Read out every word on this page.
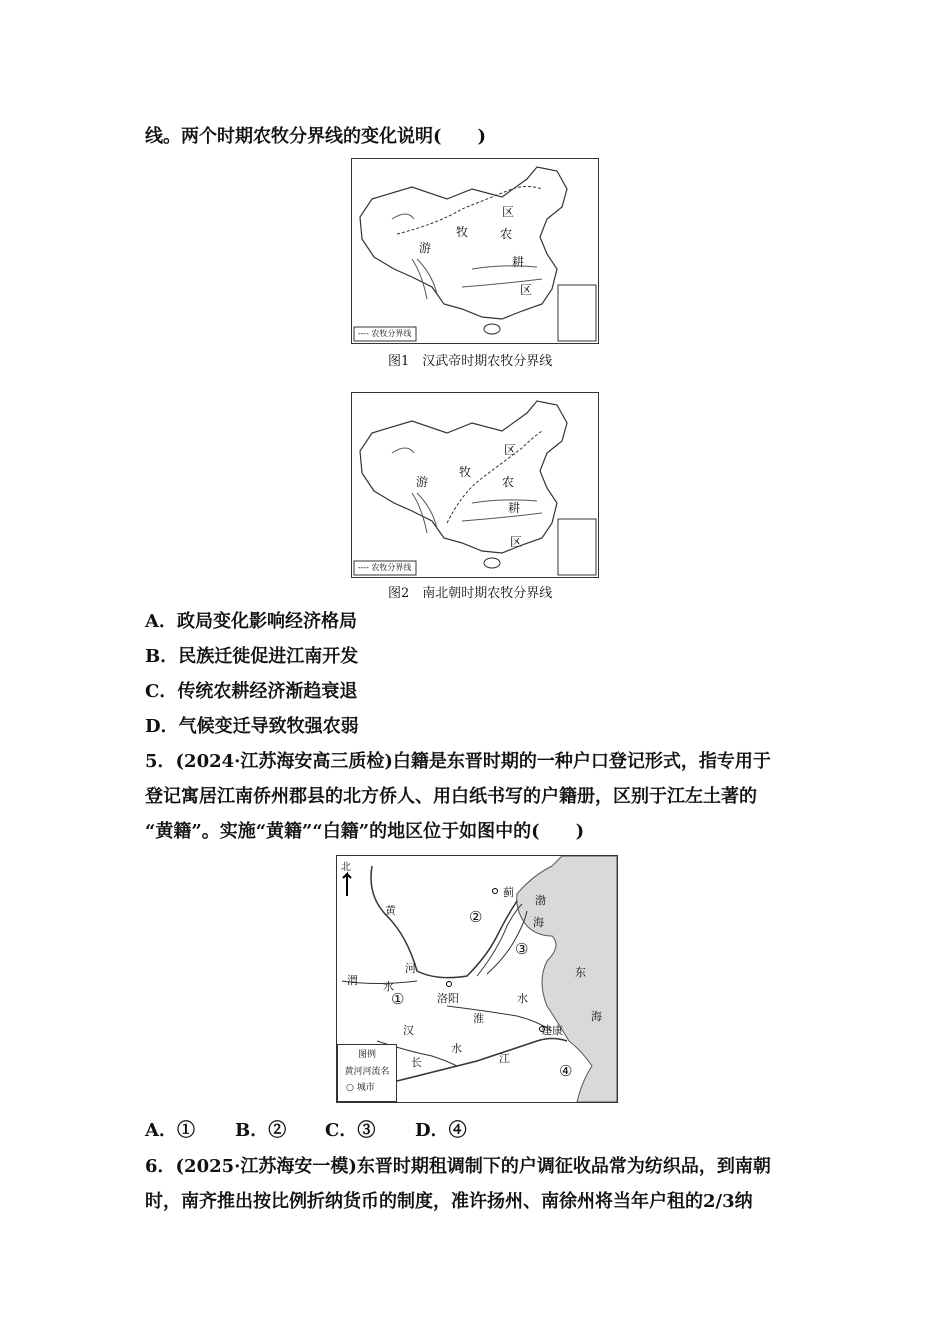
线。两个时期农牧分界线的变化说明(　　)
区
牧	农
游
耕
区
---- 农牧分界线
图1　汉武帝时期农牧分界线
区
牧
农
游
耕
区
---- 农牧分界线
图2　南北朝时期农牧分界线
A．政局变化影响经济格局
B．民族迁徙促进江南开发
C．传统农耕经济渐趋衰退
D．气候变迁导致牧强农弱
5．(2024·江苏海安高三质检)白籍是东晋时期的一种户口登记形式，指专用于
登记寓居江南侨州郡县的北方侨人、用白纸书写的户籍册，区别于江左土著的
“黄籍”。实施“黄籍”“白籍”的地区位于如图中的(　　)
北
蓟
渤
海
黄
河
渭 水
东
海
洛阳	水
淮
汉
水
长	江
建康
②
③
①
④
图例
黄河河流名
○ 城市
A．① B．② C．③ D．④
6．(2025·江苏海安一模)东晋时期租调制下的户调征收品常为纺织品，到南朝
时，南齐推出按比例折纳货币的制度，准许扬州、南徐州将当年户租的2/3纳
